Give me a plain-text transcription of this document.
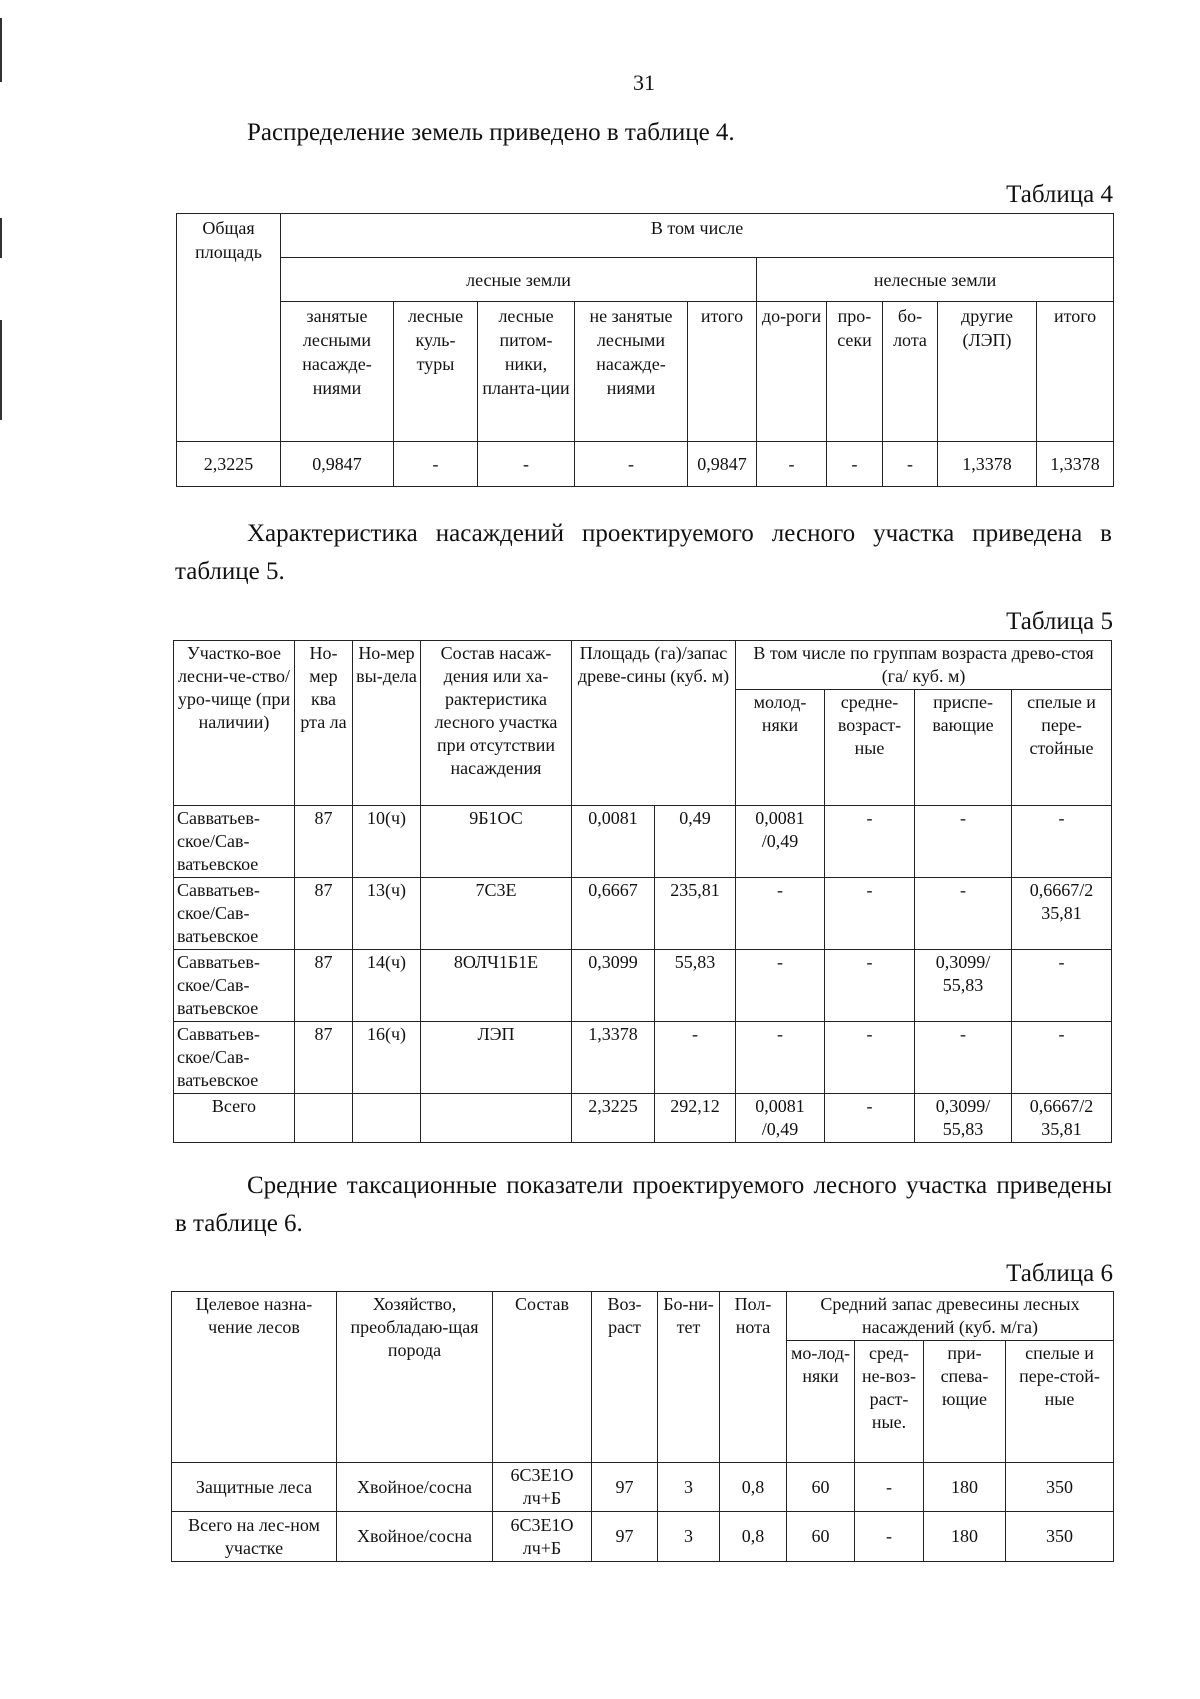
31

Распределение земель приведено в таблице 4.

Таблица 4
Общая площадь	В том числе									
	лесные земли					нелесные земли				
	занятые лесными насажде-ниями	лесные куль-туры	лесные питом-ники, планта-ции	не занятые лесными насажде-ниями	итого	до-роги	про-секи	бо-лота	другие (ЛЭП)	итого
2,3225	0,9847	-	-	-	0,9847	-	-	-	1,3378	1,3378

Характеристика насаждений проектируемого лесного участка приведена в таблице 5.

Таблица 5
Участко-вое лесни-че-ство/уро-чище (при наличии)	Но-мер ква рта ла	Но-мер вы-дела	Состав насаж-дения или ха-рактеристика лесного участка при отсутствии насаждения	Площадь (га)/запас древе-сины (куб. м)		В том числе по группам возраста древо-стоя (га/ куб. м)			
						молод-няки	средне-возраст-ные	приспе-вающие	спелые и пере-стойные
Савватьев-ское/Сав-ватьевское	87	10(ч)	9Б1ОС	0,0081	0,49	0,0081 /0,49	-	-	-
Савватьев-ское/Сав-ватьевское	87	13(ч)	7С3Е	0,6667	235,81	-	-	-	0,6667/2 35,81
Савватьев-ское/Сав-ватьевское	87	14(ч)	8ОЛЧ1Б1Е	0,3099	55,83	-	-	0,3099/ 55,83	-
Савватьев-ское/Сав-ватьевское	87	16(ч)	ЛЭП	1,3378	-	-	-	-	-
Всего				2,3225	292,12	0,0081 /0,49	-	0,3099/ 55,83	0,6667/2 35,81

Средние таксационные показатели проектируемого лесного участка приведены в таблице 6.

Таблица 6
Целевое назна-чение лесов	Хозяйство, преобладаю-щая порода	Состав	Воз-раст	Бо-ни-тет	Пол-нота	Средний запас древесины лесных насаждений (куб. м/га)			
						мо-лод-няки	сред-не-воз-раст-ные.	при-спева-ющие	спелые и пере-стой-ные
Защитные леса	Хвойное/сосна	6С3Е1О лч+Б	97	3	0,8	60	-	180	350
Всего на лес-ном участке	Хвойное/сосна	6С3Е1О лч+Б	97	3	0,8	60	-	180	350
